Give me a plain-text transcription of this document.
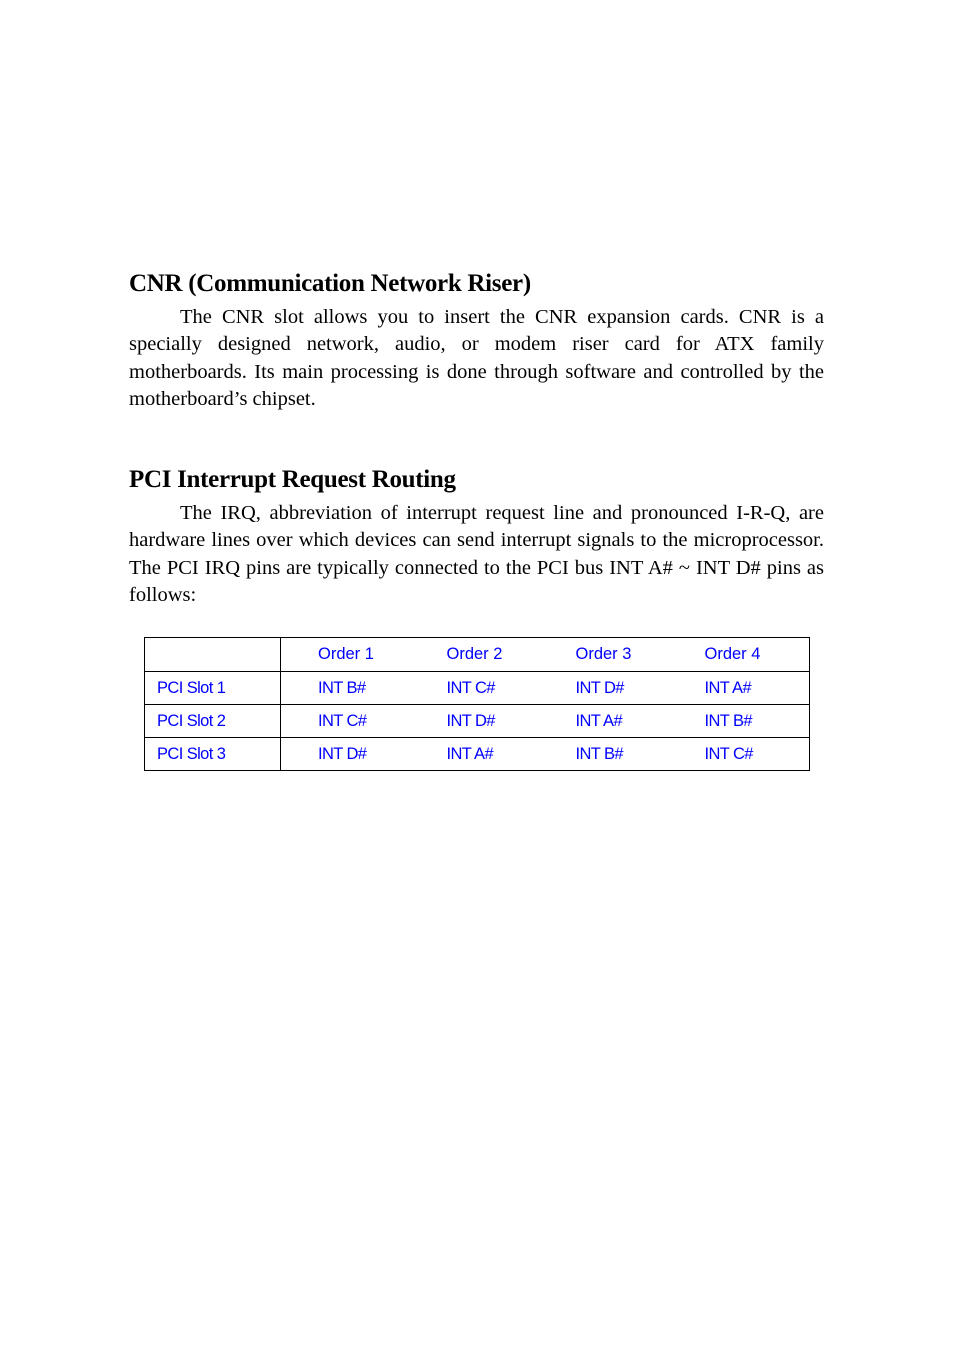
CNR (Communication Network Riser)

The CNR slot allows you to insert the CNR expansion cards. CNR is a specially designed network, audio, or modem riser card for ATX family motherboards. Its main processing is done through software and controlled by the motherboard’s chipset.

PCI Interrupt Request Routing

The IRQ, abbreviation of interrupt request line and pronounced I-R-Q, are hardware lines over which devices can send interrupt signals to the microprocessor. The PCI IRQ pins are typically connected to the PCI bus INT A# ~ INT D# pins as follows:

	Order 1	Order 2	Order 3	Order 4
PCI Slot 1	INT B#	INT C#	INT D#	INT A#
PCI Slot 2	INT C#	INT D#	INT A#	INT B#
PCI Slot 3	INT D#	INT A#	INT B#	INT C#
